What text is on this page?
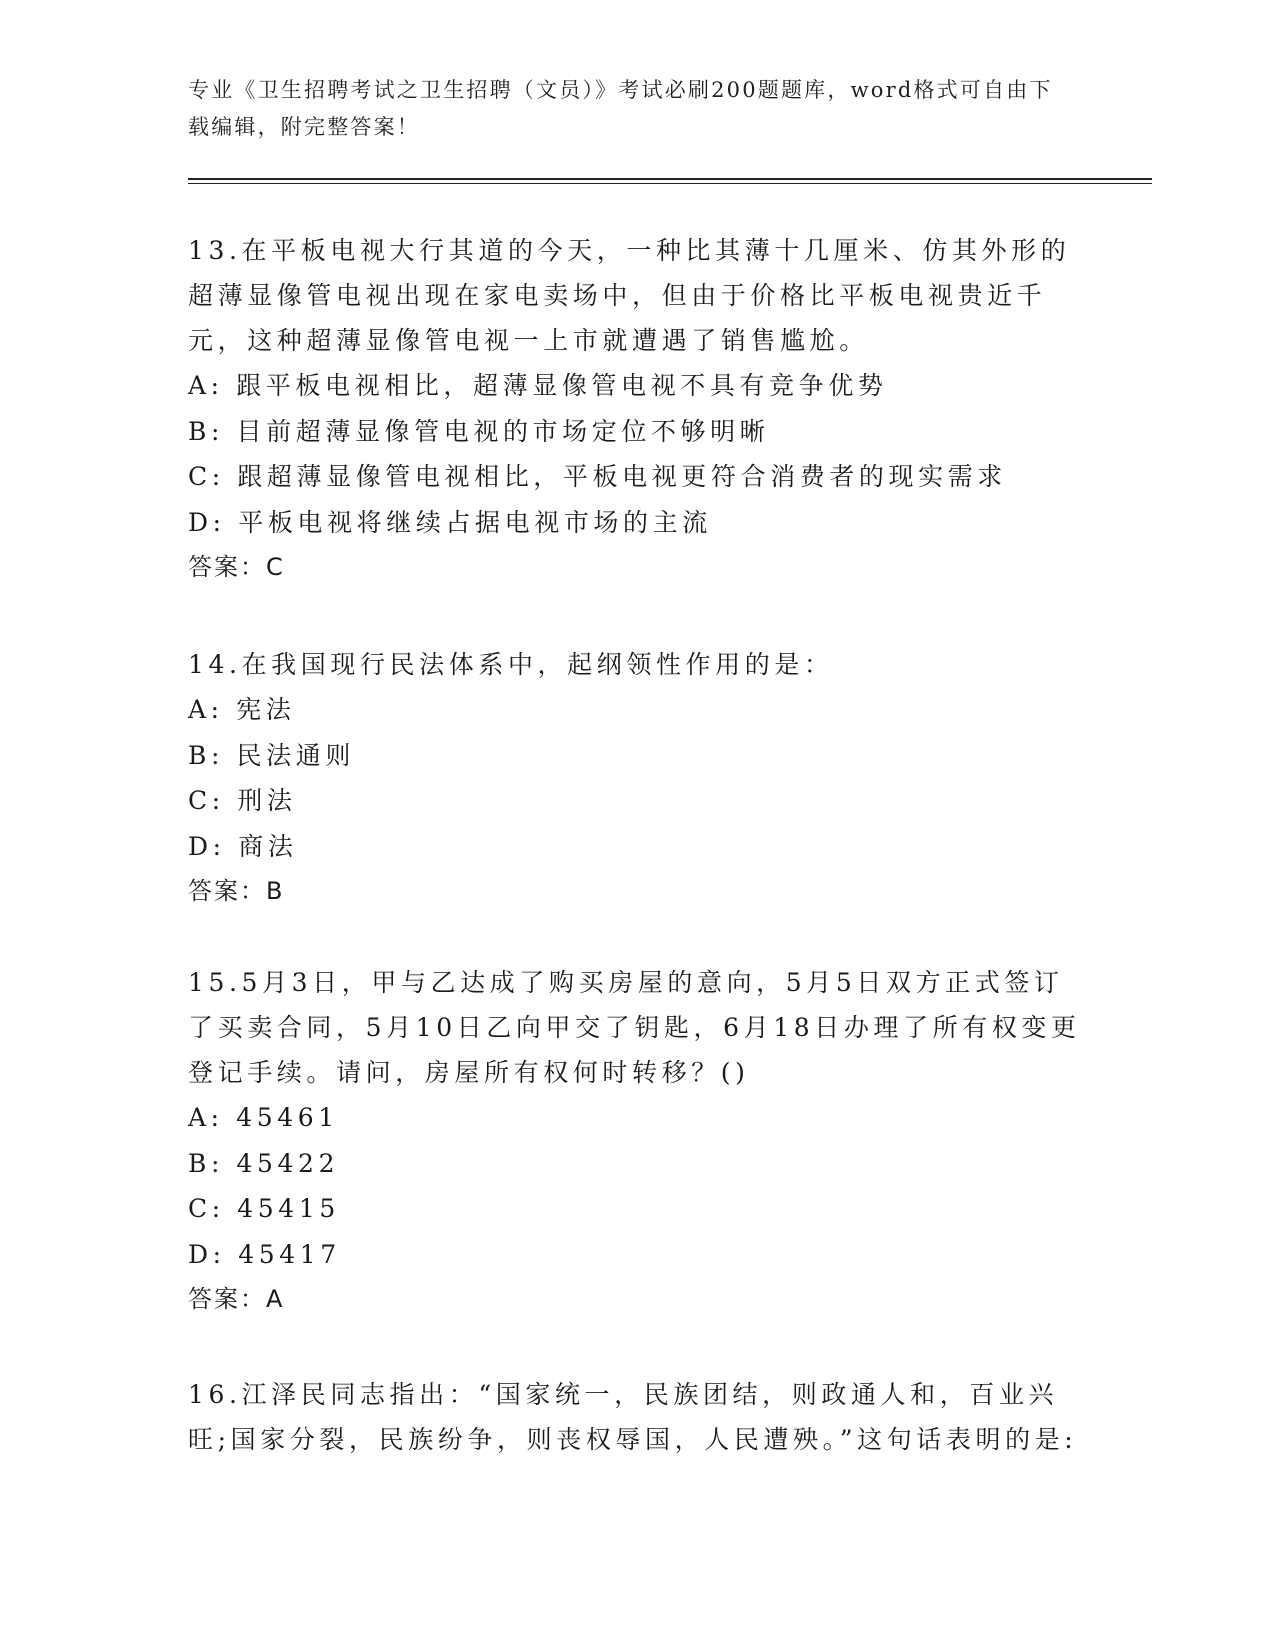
专业《卫生招聘考试之卫生招聘（文员）》考试必刷200题题库，word格式可自由下载编辑，附完整答案！

13.在平板电视大行其道的今天，一种比其薄十几厘米、仿其外形的超薄显像管电视出现在家电卖场中，但由于价格比平板电视贵近千元，这种超薄显像管电视一上市就遭遇了销售尴尬。

A: 跟平板电视相比，超薄显像管电视不具有竞争优势

B: 目前超薄显像管电视的市场定位不够明晰

C: 跟超薄显像管电视相比，平板电视更符合消费者的现实需求

D: 平板电视将继续占据电视市场的主流

答案：C

14.在我国现行民法体系中，起纲领性作用的是：

A: 宪法

B: 民法通则

C: 刑法

D: 商法

答案：B

15.5月3日，甲与乙达成了购买房屋的意向，5月5日双方正式签订了买卖合同，5月10日乙向甲交了钥匙，6月18日办理了所有权变更登记手续。请问，房屋所有权何时转移？()

A: 45461

B: 45422

C: 45415

D: 45417

答案：A

16.江泽民同志指出：“国家统一，民族团结，则政通人和，百业兴旺;国家分裂，民族纷争，则丧权辱国，人民遭殃。”这句话表明的是:
